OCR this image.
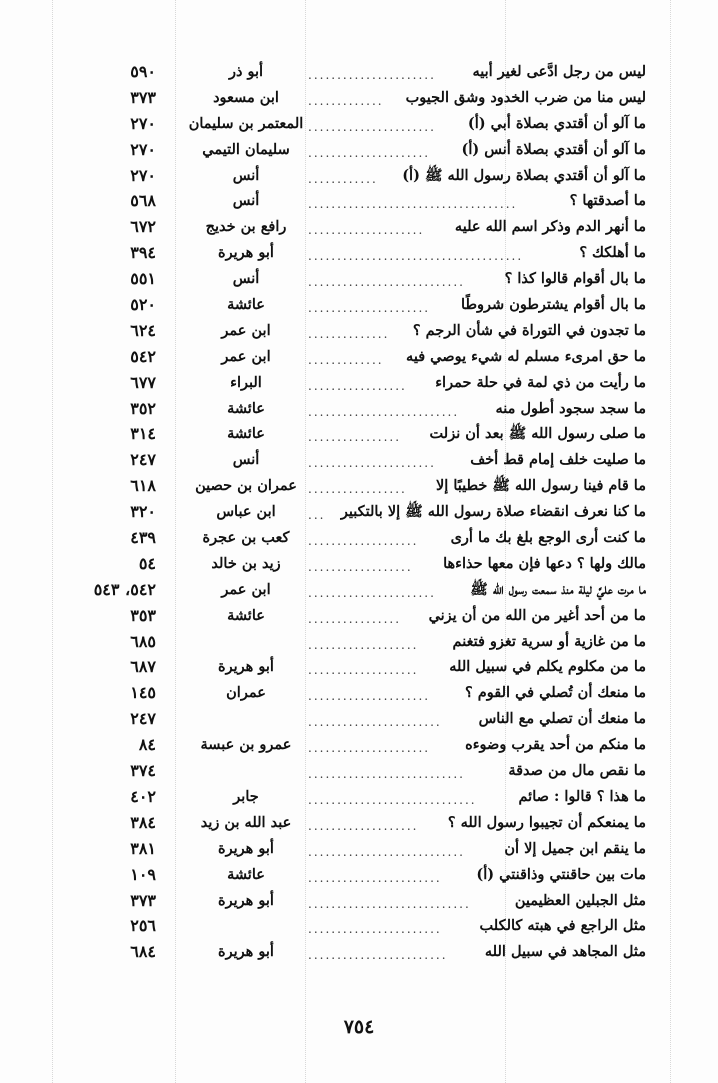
٥٩٠	أبو ذر	......................	ليس من رجل ادَّعى لغير أبيه
٣٧٣	ابن مسعود	............. ليس منا من ضرب الخدود وشق الجيوب
٢٧٠	المعتمر بن سليمان ...................... ما آلو أن أقتدي بصلاة أبي (أ)
٢٧٠	سليمان التيمي	..................... ما آلو أن أقتدي بصلاة أنس (أ)
٢٧٠	أنس	............ ما آلو أن أقتدي بصلاة رسول الله ﷺ (أ)
٥٦٨	أنس	....................................	ما أصدقتها ؟
٦٧٢	رافع بن خديج	.................... ما أنهر الدم وذكر اسم الله عليه
٣٩٤	أبو هريرة	.....................................	ما أهلكك ؟
٥٥١	أنس	...........................	ما بال أقوام قالوا كذا ؟
٥٢٠	عائشة	..................... ما بال أقوام يشترطون شروطًا
٦٢٤	ابن عمر	.............. ما تجدون في التوراة في شأن الرجم ؟
٥٤٢	ابن عمر	............. ما حق امرىء مسلم له شيء يوصي فيه
٦٧٧	البراء	................. ما رأيت من ذي لمة في حلة حمراء
٣٥٢	عائشة	..........................	ما سجد سجود أطول منه
٣١٤	عائشة	................ ما صلى رسول الله ﷺ بعد أن نزلت
٢٤٧	أنس	...................... ما صليت خلف إمام قط أخف
٦١٨	عمران بن حصين ................. ما قام فينا رسول الله ﷺ خطيبًا إلا
٣٢٠	ابن عباس	... ما كنا نعرف انقضاء صلاة رسول الله ﷺ إلا بالتكبير
٤٣٩	كعب بن عجرة	................... ما كنت أرى الوجع بلغ بك ما أرى
٥٤	زيد بن خالد	.................. مالك ولها ؟ دعها فإن معها حذاءها
٥٤٢، ٥٤٣	ابن عمر	...................... ما مرت عليَّ ليلة منذ سمعت رسول الله ﷺ
٣٥٣	عائشة	................ ما من أحد أغير من الله من أن يزني
٦٨٥	................... ما من غازية أو سرية تغزو فتغنم
٦٨٧	أبو هريرة	................... ما من مكلوم يكلم في سبيل الله
١٤٥	عمران	..................... ما منعك أن تُصلي في القوم ؟
٢٤٧	.......................	ما منعك أن تصلي مع الناس
٨٤	عمرو بن عبسة	..................... ما منكم من أحد يقرب وضوءه
٣٧٤	...........................	ما نقص مال من صدقة
٤٠٢	جابر	.............................	ما هذا ؟ قالوا : صائم
٣٨٤	عبد الله بن زيد	................... ما يمنعكم أن تجيبوا رسول الله ؟
٣٨١	أبو هريرة	...........................	ما ينقم ابن جميل إلا أن
١٠٩	عائشة	....................... مات بين حاقنتي وذاقنتي (أ)
٣٧٣	أبو هريرة	............................	مثل الجبلين العظيمين
٢٥٦	.......................	مثل الراجع في هبته كالكلب
٦٨٤	أبو هريرة	........................	مثل المجاهد في سبيل الله
٧٥٤
